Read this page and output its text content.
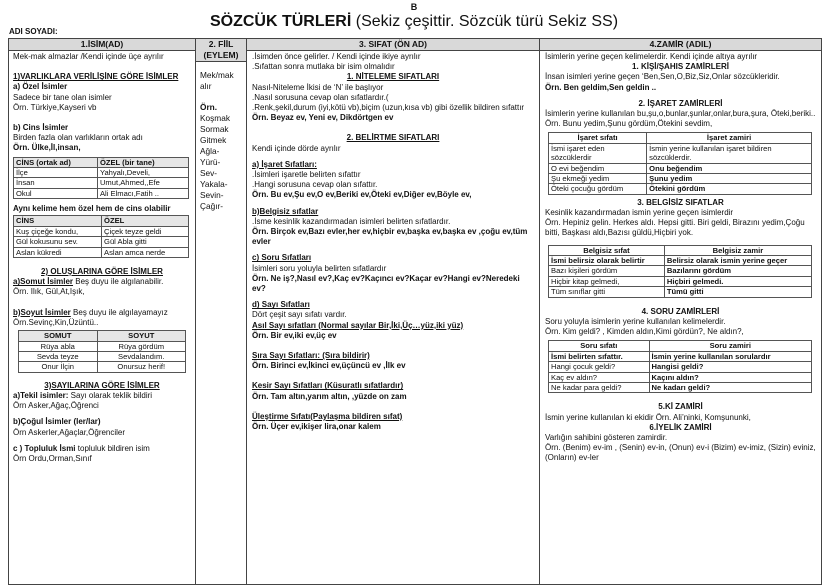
B
ADI SOYADI:
SÖZCÜK TÜRLERİ (Sekiz çeşittir. Sözcük türü Sekiz SS)
1.İSİM(AD)

Mek-mak almazlar /Kendi içinde üçe ayrılır

1)VARLIKLARA VERİLİŞİNE GÖRE İSİMLER

a) Özel İsimler

Sadece bir tane olan isimler

Örn. Türkiye,Kayseri vb

b) Cins İsimler

Birden fazla olan varlıkların ortak adı

Örn. Ülke,İl,insan,

CİNS (ortak ad)	ÖZEL (bir tane)
İlçe	Yahyalı,Develi,
İnsan	Umut,Ahmed,,Efe
Okul	Ali Elmacı,Fatih ..

Aynı kelime hem özel hem de cins olabilir

CİNS	ÖZEL
Kuş çiçeğe kondu,	Çiçek teyze geldi
Gül kokusunu sev.	Gül Abla gitti
Aslan kükredi	Aslan amca nerde

2) OLUŞLARINA GÖRE İSİMLER

a)Somut İsimler Beş duyu ile algılanabilir.

Örn. Ilık, Gül,At,Işık,

b)Soyut İsimler Beş duyu ile algılayamayız

Örn.Sevinç,Kin,Üzüntü..

SOMUT	SOYUT
Rüya abla	Rüya gördüm
Sevda teyze	Sevdalandım.
Onur İlçin	Onursuz herif!

3)SAYILARINA GÖRE İSİMLER

a)Tekil isimler: Sayı olarak teklik bildiri

Örn Asker,Ağaç,Öğrenci

b)Çoğul İsimler (ler/lar)

Örn Askerler,Ağaçlar,Öğrenciler

c ) Topluluk İsmi topluluk bildiren isim

Örn Ordu,Orman,Sınıf

2. FİİL
(EYLEM)

Mek/mak

alır

Örn.

Koşmak

Sormak

Gitmek

Ağla-

Yürü-

Sev-

Yakala-

Sevin-

Çağır-

3. SIFAT (ÖN AD)

.İsimden önce gelirler. / Kendi içinde ikiye ayrılır

.Sıfattan sonra mutlaka bir isim olmalıdır

1. NİTELEME SIFATLARI

Nasıl-Niteleme İkisi de ‘N’ ile başlıyor

.Nasıl sorusuna cevap olan sıfatlardır.(

.Renk,şekil,durum (iyi,kötü vb),biçim (uzun,kısa vb) gibi özellik bildiren sıfattır

Örn. Beyaz ev, Yeni ev, Dikdörtgen ev

2. BELİRTME SIFATLARI

Kendi içinde dörde ayrılır

a) İşaret Sıfatları:

.İsimleri işaretle belirten sıfattır

.Hangi sorusuna cevap olan sıfattır.

Örn. Bu ev,Şu ev,O ev,Beriki ev,Öteki ev,Diğer ev,Böyle ev,

b)Belgisiz sıfatlar

.İsme kesinlik kazandırmadan isimleri belirten sıfatlardır.

Örn. Birçok ev,Bazı evler,her ev,hiçbir ev,başka ev,başka ev ,çoğu ev,tüm evler

c) Soru Sıfatları

İsimleri soru yoluyla belirten sıfatlardır

Örn. Ne iş?,Nasıl ev?,Kaç ev?Kaçıncı ev?Kaçar ev?Hangi ev?Neredeki ev?

d) Sayı Sıfatları

Dört çeşit sayı sıfatı vardır.

Asıl Sayı sıfatları (Normal sayılar Bir,İki,Üç…yüz,iki yüz)

Örn. Bir ev,iki ev,üç ev

Sıra Sayı Sıfatları: (Sıra bildirir)

Örn. Birinci ev,İkinci ev,üçüncü ev ,İlk ev

Kesir Sayı Sıfatları (Küsuratlı sıfatlardır)

Örn. Tam altın,yarım altın, ,yüzde on zam

Üleştirme Sıfatı(Paylaşma bildiren sıfat)

Örn. Üçer ev,ikişer lira,onar kalem

4.ZAMİR (ADIL)

İsimlerin yerine geçen kelimelerdir. Kendi içinde altıya ayrılır

1. KİŞİ/ŞAHIS ZAMİRLERİ

İnsan isimleri yerine geçen ‘Ben,Sen,O,Biz,Siz,Onlar sözcükleridir.

Örn. Ben geldim,Sen geldin ..

2. İŞARET ZAMİRLERİ

İsimlerin yerine kullanılan bu,şu,o,bunlar,şunlar,onlar,bura,şura, Öteki,beriki.. Örn. Bunu yedim,Şunu gördüm,Ötekini sevdim,

İşaret sıfatı	İşaret zamiri
İsmi işaret eden sözcüklerdir	İsmin yerine kullanılan işaret bildiren sözcüklerdir.
O evi beğendim	Onu beğendim
Şu ekmeği yedim	Şunu yedim
Öteki çocuğu gördüm	Ötekini gördüm

3. BELGİSİZ SIFATLAR

Kesinlik kazandırmadan ismin yerine geçen isimlerdir

Örn. Hepiniz gelin. Herkes aldı. Hepsi gitti. Biri geldi, Birazını yedim,Çoğu bitti, Başkası aldı,Bazısı güldü,Hiçbiri yok.

Belgisiz sıfat	Belgisiz zamir
İsmi belirsiz olarak belirtir	Belirsiz olarak ismin yerine geçer
Bazı kişileri gördüm	Bazılarını gördüm
Hiçbir kitap gelmedi,	Hiçbiri gelmedi.
Tüm sınıflar gitti	Tümü gitti

4. SORU ZAMİRLERİ

Soru yoluyla isimlerin yerine kullanılan kelimelerdir.

Örn. Kim geldi? , Kimden aldın,Kimi gördün?, Ne aldın?,

Soru sıfatı	Soru zamiri
İsmi belirten sıfattır.	İsmin yerine kullanılan sorulardır
Hangi çocuk geldi?	Hangisi geldi?
Kaç ev aldın?	Kaçını aldın?
Ne kadar para geldi?	Ne kadarı geldi?

5.Kİ ZAMİRİ

İsmin yerine kullanılan ki ekidir Örn. Ali’ninki, Komşununki,

6.İYELİK ZAMİRİ

Varlığın sahibini gösteren zamirdir.

Örn. (Benim) ev-im , (Senin) ev-in, (Onun) ev-i (Bizim) ev-imiz, (Sizin) eviniz,(Onların) ev-ler
